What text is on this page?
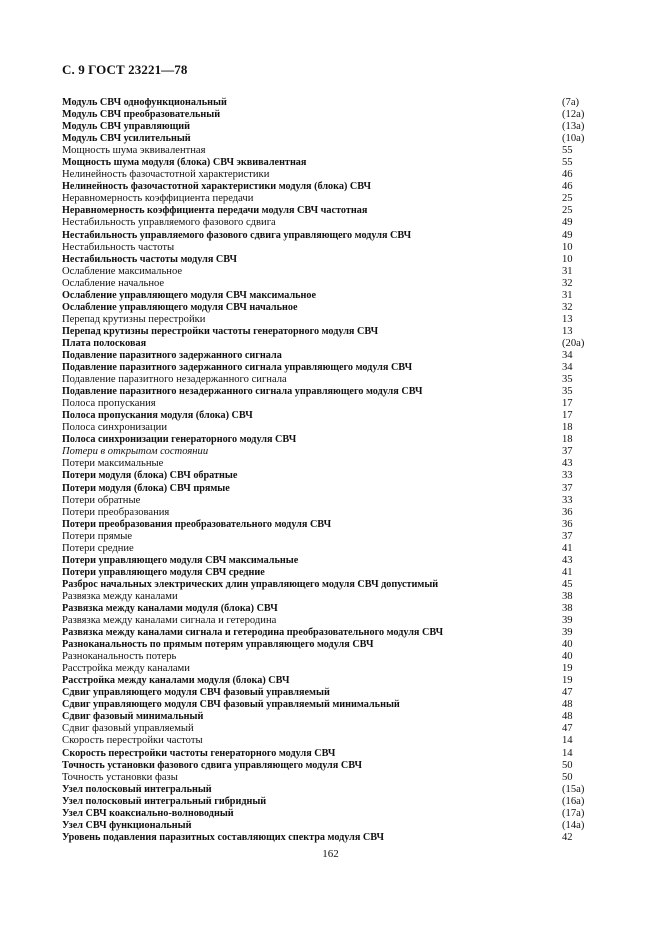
С. 9 ГОСТ 23221—78
Модуль СВЧ однофункциональный	(7а)
Модуль СВЧ преобразовательный	(12а)
Модуль СВЧ управляющий	(13а)
Модуль СВЧ усилительный	(10а)
Мощность шума эквивалентная	55
Мощность шума модуля (блока) СВЧ эквивалентная	55
Нелинейность фазочастотной характеристики	46
Нелинейность фазочастотной характеристики модуля (блока) СВЧ	46
Неравномерность коэффициента передачи	25
Неравномерность коэффициента передачи модуля СВЧ частотная	25
Нестабильность управляемого фазового сдвига	49
Нестабильность управляемого фазового сдвига управляющего модуля СВЧ	49
Нестабильность частоты	10
Нестабильность частоты модуля СВЧ	10
Ослабление максимальное	31
Ослабление начальное	32
Ослабление управляющего модуля СВЧ максимальное	31
Ослабление управляющего модуля СВЧ начальное	32
Перепад крутизны перестройки	13
Перепад крутизны перестройки частоты генераторного модуля СВЧ	13
Плата полосковая	(20а)
Подавление паразитного задержанного сигнала	34
Подавление паразитного задержанного сигнала управляющего модуля СВЧ	34
Подавление паразитного незадержанного сигнала	35
Подавление паразитного незадержанного сигнала управляющего модуля СВЧ	35
Полоса пропускания	17
Полоса пропускания модуля (блока) СВЧ	17
Полоса синхронизации	18
Полоса синхронизации генераторного модуля СВЧ	18
Потери в открытом состоянии	37
Потери максимальные	43
Потери модуля (блока) СВЧ обратные	33
Потери модуля (блока) СВЧ прямые	37
Потери обратные	33
Потери преобразования	36
Потери преобразования преобразовательного модуля СВЧ	36
Потери прямые	37
Потери средние	41
Потери управляющего модуля СВЧ максимальные	43
Потери управляющего модуля СВЧ средние	41
Разброс начальных электрических длин управляющего модуля СВЧ допустимый	45
Развязка между каналами	38
Развязка между каналами модуля (блока) СВЧ	38
Развязка между каналами сигнала и гетеродина	39
Развязка между каналами сигнала и гетеродина преобразовательного модуля СВЧ	39
Разноканальность по прямым потерям управляющего модуля СВЧ	40
Разноканальность потерь	40
Расстройка между каналами	19
Расстройка между каналами модуля (блока) СВЧ	19
Сдвиг управляющего модуля СВЧ фазовый управляемый	47
Сдвиг управляющего модуля СВЧ фазовый управляемый минимальный	48
Сдвиг фазовый минимальный	48
Сдвиг фазовый управляемый	47
Скорость перестройки частоты	14
Скорость перестройки частоты генераторного модуля СВЧ	14
Точность установки фазового сдвига управляющего модуля СВЧ	50
Точность установки фазы	50
Узел полосковый интегральный	(15а)
Узел полосковый интегральный гибридный	(16а)
Узел СВЧ коаксиально-волноводный	(17а)
Узел СВЧ функциональный	(14а)
Уровень подавления паразитных составляющих спектра модуля СВЧ	42
162
